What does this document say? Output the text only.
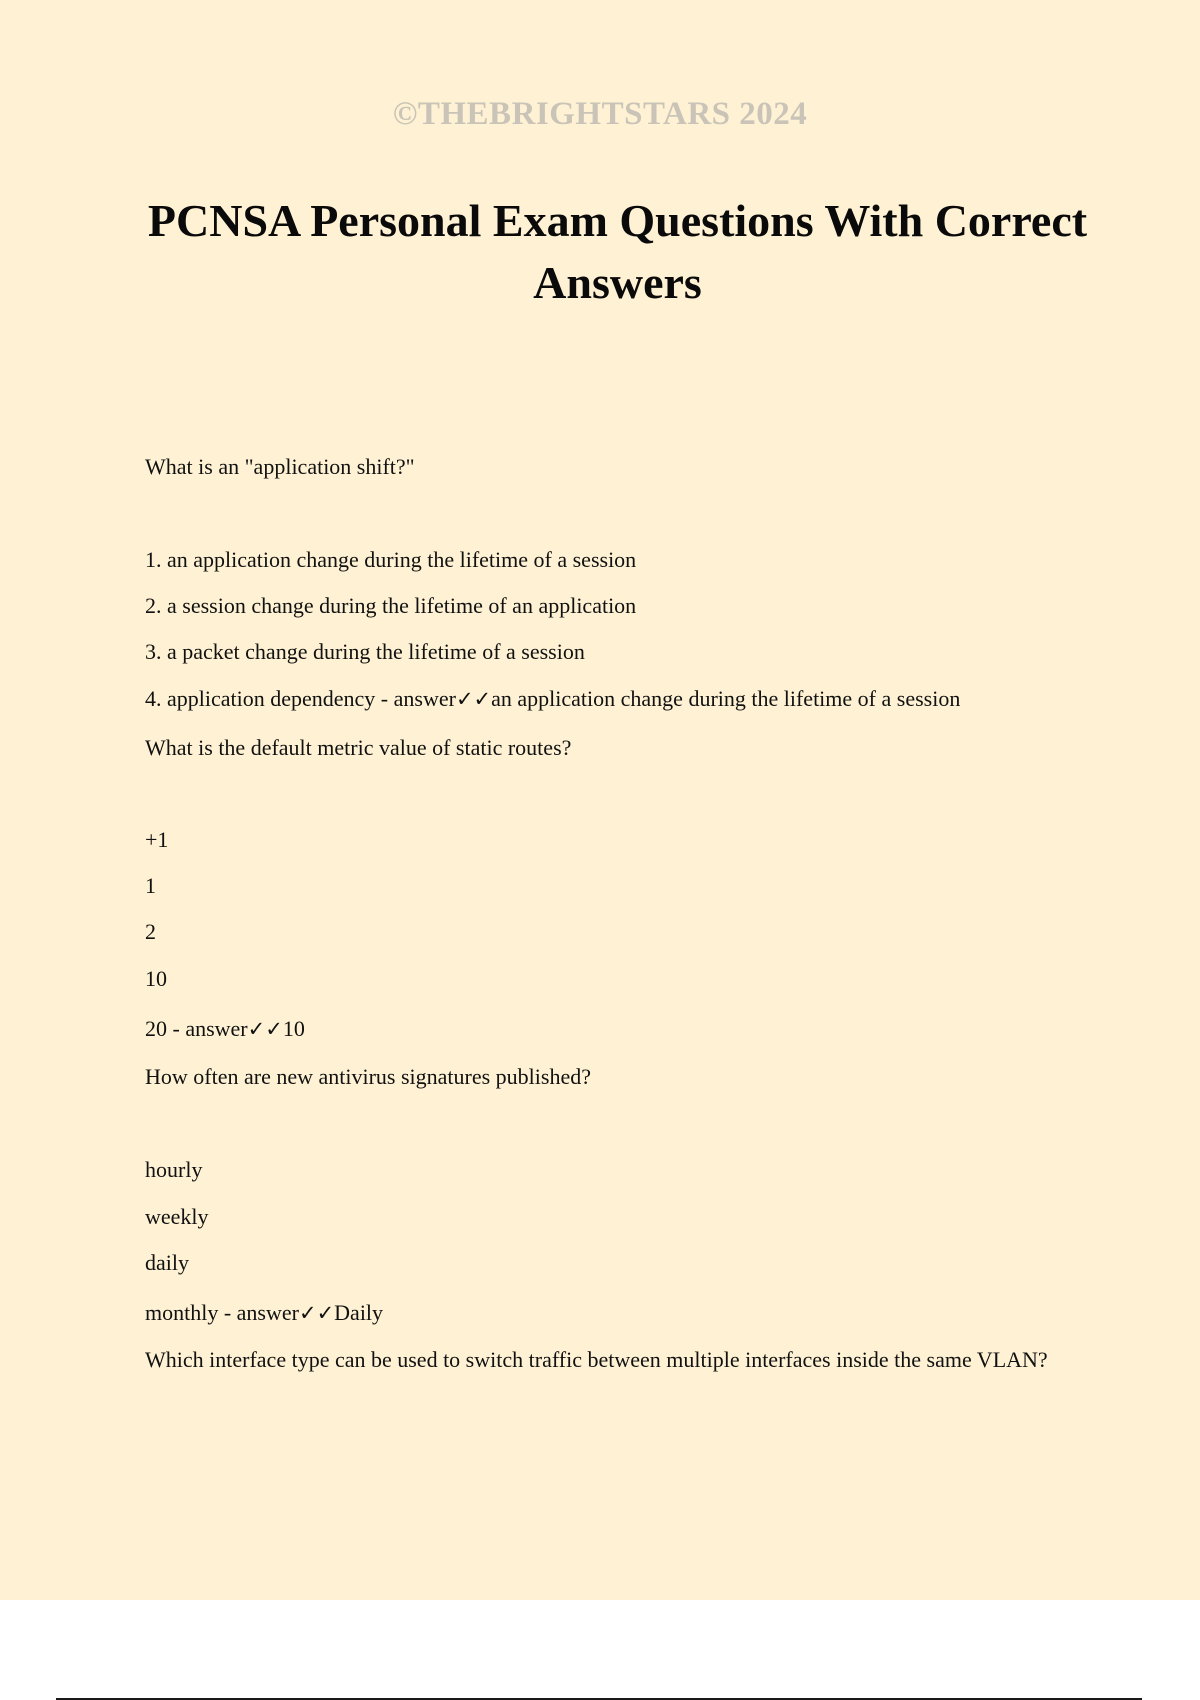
©THEBRIGHTSTARS 2024
PCNSA Personal Exam Questions With Correct Answers

What is an "application shift?"

1. an application change during the lifetime of a session

2. a session change during the lifetime of an application

3. a packet change during the lifetime of a session

4. application dependency - answer✓✓an application change during the lifetime of a session

What is the default metric value of static routes?

+1

1

2

10

20 - answer✓✓10

How often are new antivirus signatures published?

hourly

weekly

daily

monthly - answer✓✓Daily

Which interface type can be used to switch traffic between multiple interfaces inside the same VLAN?
